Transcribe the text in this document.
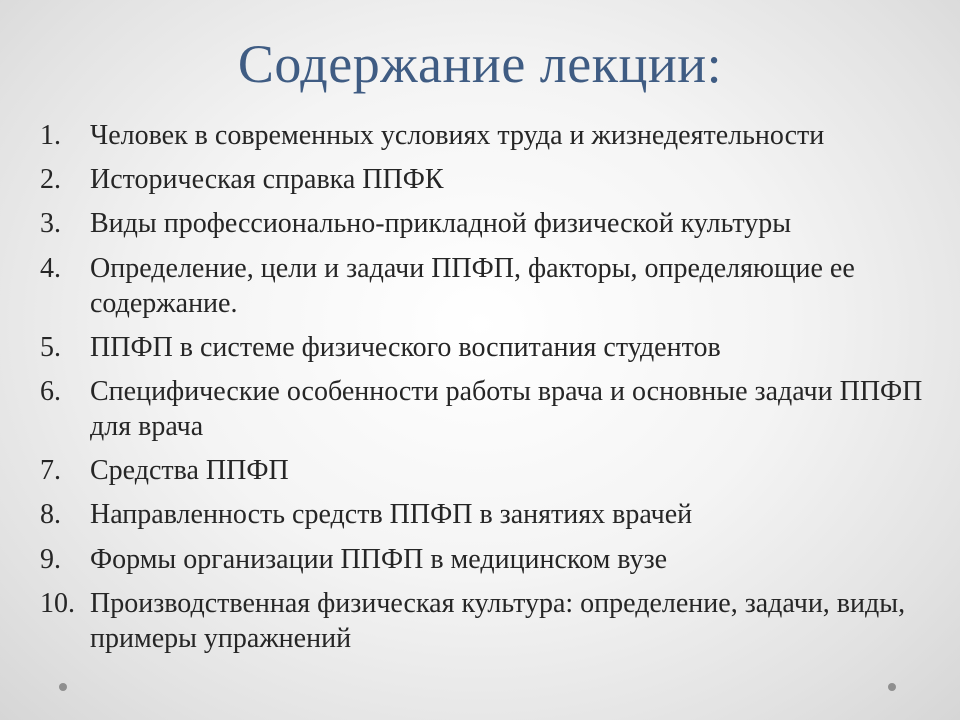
Содержание лекции:
1.	Человек в современных условиях труда и жизнедеятельности
2.	Историческая справка ППФК
3.	Виды профессионально-прикладной физической культуры
4.	Определение, цели и задачи ППФП, факторы, определяющие ее содержание.
5.	ППФП в системе физического воспитания студентов
6.	Специфические особенности работы врача и основные задачи ППФП для врача
7.	Средства ППФП
8.	Направленность средств ППФП в занятиях врачей
9.	Формы организации ППФП в медицинском вузе
10. Производственная физическая культура: определение, задачи, виды, примеры упражнений
